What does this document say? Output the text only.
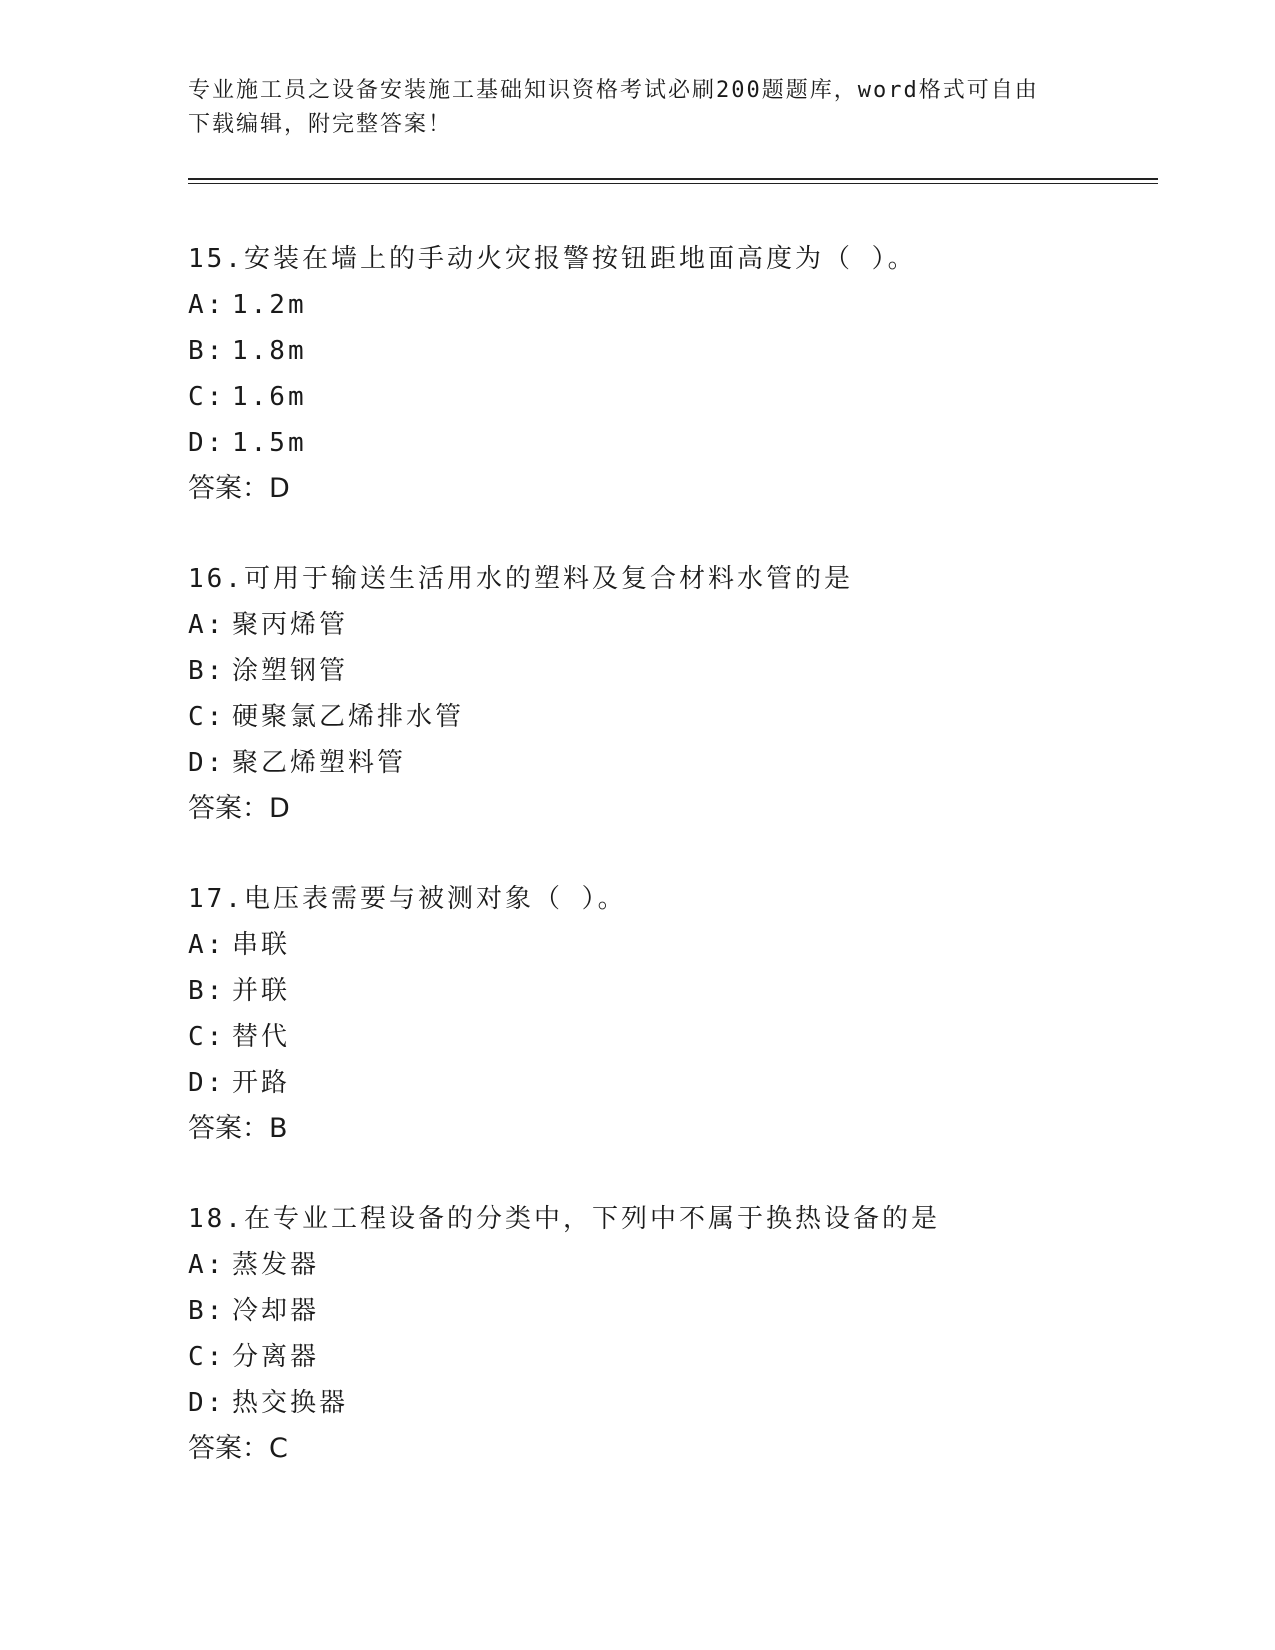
专业施工员之设备安装施工基础知识资格考试必刷200题题库，word格式可自由
下载编辑，附完整答案！
15.安装在墙上的手动火灾报警按钮距地面高度为（ ）。
A: 1.2m
B: 1.8m
C: 1.6m
D: 1.5m
答案：D
16.可用于输送生活用水的塑料及复合材料水管的是
A: 聚丙烯管
B: 涂塑钢管
C: 硬聚氯乙烯排水管
D: 聚乙烯塑料管
答案：D
17.电压表需要与被测对象（ ）。
A: 串联
B: 并联
C: 替代
D: 开路
答案：B
18.在专业工程设备的分类中，下列中不属于换热设备的是
A: 蒸发器
B: 冷却器
C: 分离器
D: 热交换器
答案：C
